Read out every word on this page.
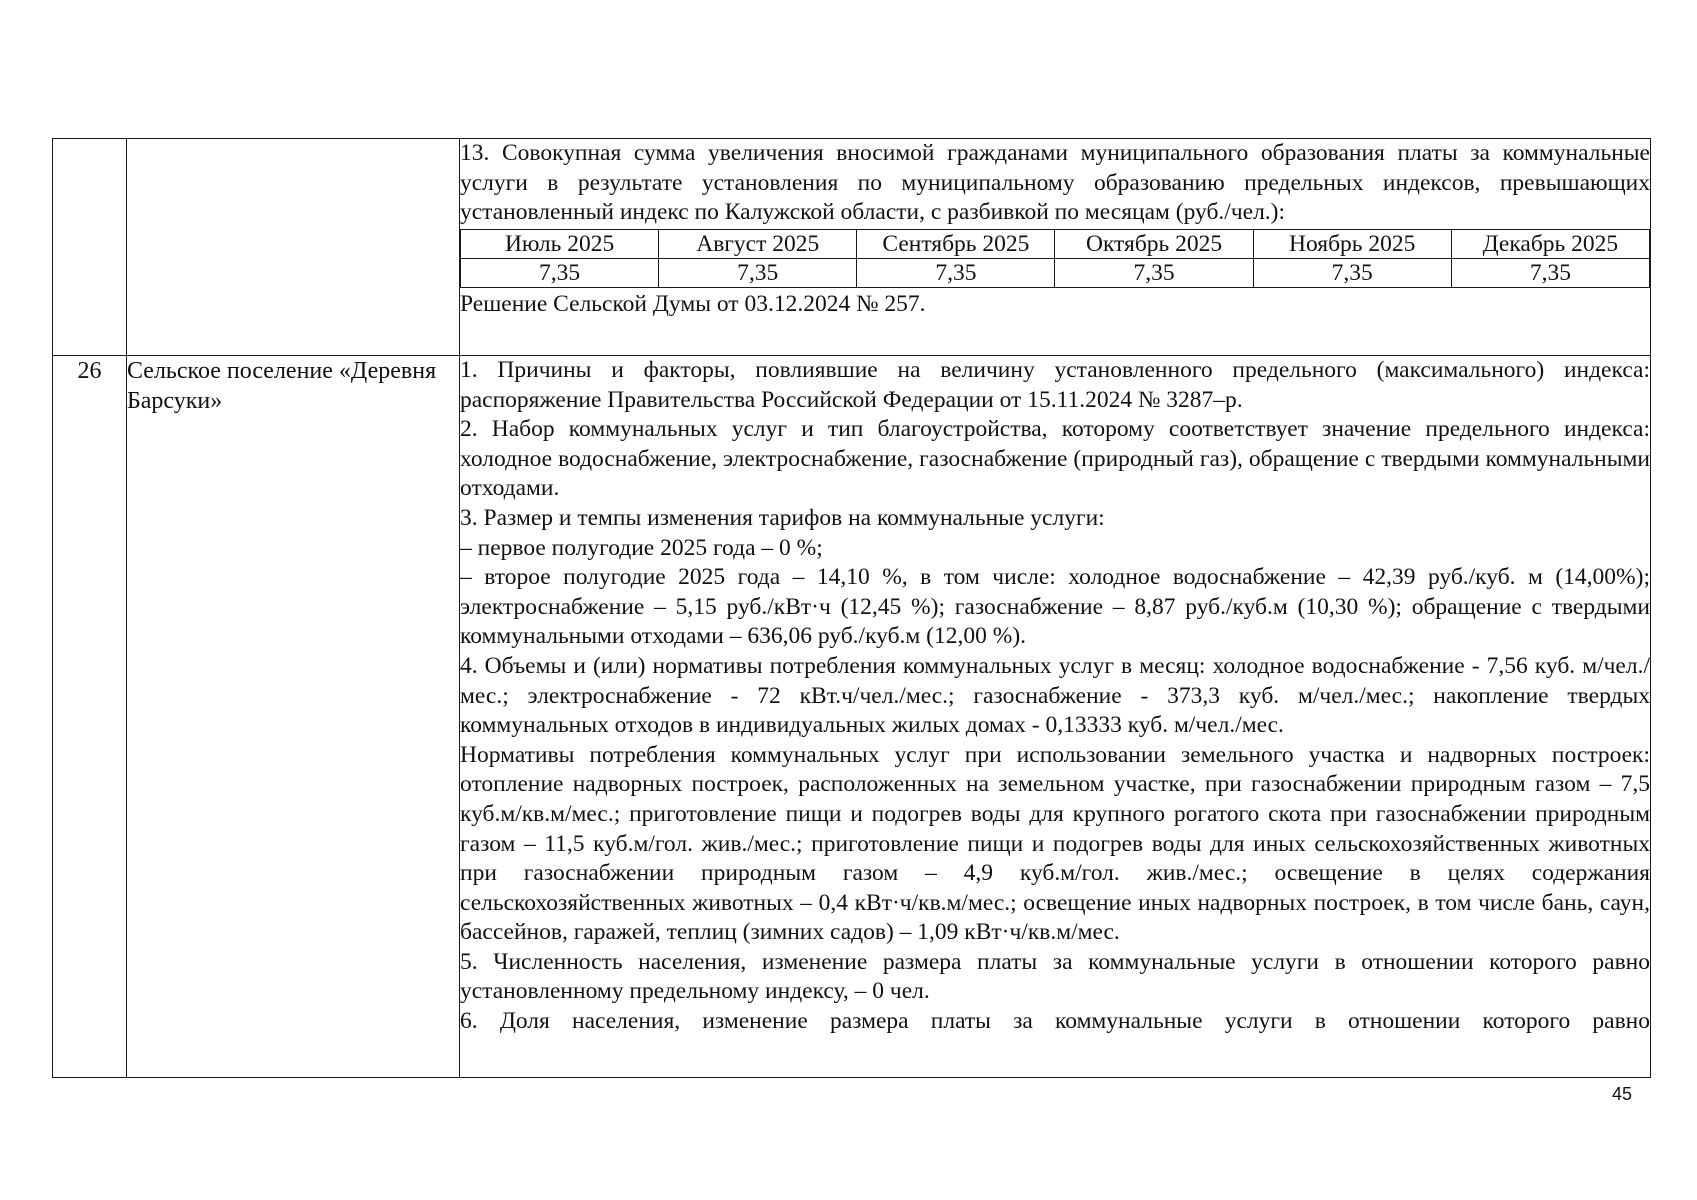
13. Совокупная сумма увеличения вносимой гражданами муниципального образования платы за коммунальные услуги в результате установления по муниципальному образованию предельных индексов, превышающих установленный индекс по Калужской области, с разбивкой по месяцам (руб./чел.):

Июль 2025	Август 2025	Сентябрь 2025	Октябрь 2025	Ноябрь 2025	Декабрь 2025
7,35	7,35	7,35	7,35	7,35	7,35

Решение Сельской Думы от 03.12.2024 № 257.

26	Сельское поселение «Деревня Барсуки»	

1. Причины и факторы, повлиявшие на величину установленного предельного (максимального) индекса: распоряжение Правительства Российской Федерации от 15.11.2024 № 3287–р.

2. Набор коммунальных услуг и тип благоустройства, которому соответствует значение предельного индекса: холодное водоснабжение, электроснабжение, газоснабжение (природный газ), обращение с твердыми коммунальными отходами.

3. Размер и темпы изменения тарифов на коммунальные услуги:

– первое полугодие 2025 года – 0 %;

– второе полугодие 2025 года – 14,10 %, в том числе: холодное водоснабжение – 42,39 руб./куб. м (14,00%); электроснабжение – 5,15 руб./кВт·ч (12,45 %); газоснабжение – 8,87 руб./куб.м (10,30 %); обращение с твердыми коммунальными отходами – 636,06 руб./куб.м (12,00 %).

4. Объемы и (или) нормативы потребления коммунальных услуг в месяц: холодное водоснабжение - 7,56 куб. м/чел./мес.; электроснабжение - 72 кВт.ч/чел./мес.; газоснабжение - 373,3 куб. м/чел./мес.; накопление твердых коммунальных отходов в индивидуальных жилых домах - 0,13333 куб. м/чел./мес.

Нормативы потребления коммунальных услуг при использовании земельного участка и надворных построек: отопление надворных построек, расположенных на земельном участке, при газоснабжении природным газом – 7,5 куб.м/кв.м/мес.; приготовление пищи и подогрев воды для крупного рогатого скота при газоснабжении природным газом – 11,5 куб.м/гол. жив./мес.; приготовление пищи и подогрев воды для иных сельскохозяйственных животных при газоснабжении природным газом – 4,9 куб.м/гол. жив./мес.; освещение в целях содержания сельскохозяйственных животных – 0,4 кВт·ч/кв.м/мес.; освещение иных надворных построек, в том числе бань, саун, бассейнов, гаражей, теплиц (зимних садов) – 1,09 кВт·ч/кв.м/мес.

5. Численность населения, изменение размера платы за коммунальные услуги в отношении которого равно установленному предельному индексу, – 0 чел.

6. Доля населения, изменение размера платы за коммунальные услуги в отношении которого равно

45
